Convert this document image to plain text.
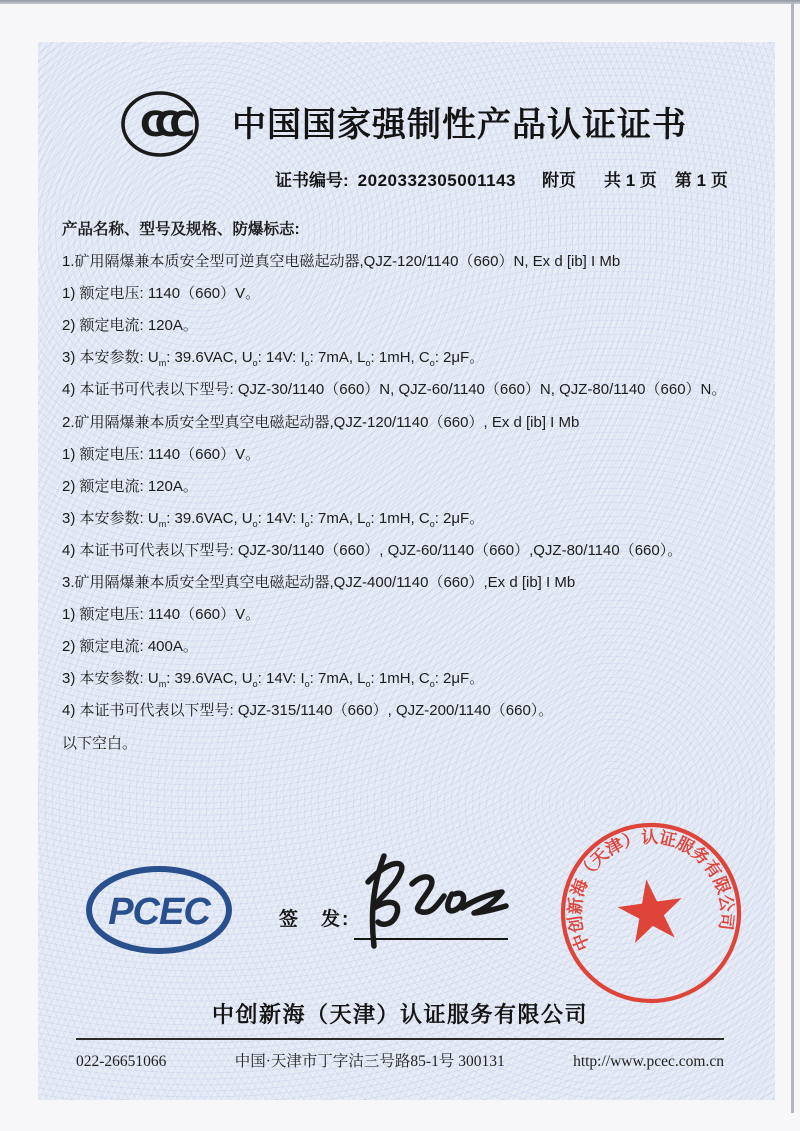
CCC 中国国家强制性产品认证证书
证书编号: 2020332305001143 附页 共 1 页 第 1 页
产品名称、型号及规格、防爆标志:
1.矿用隔爆兼本质安全型可逆真空电磁起动器,QJZ-120/1140（660）N, Ex d [ib] I Mb
1) 额定电压: 1140（660）V。
2) 额定电流: 120A。
3) 本安参数: $U_m$: 39.6VAC, $U_o$: 14V: $I_o$: 7mA, $L_o$: 1mH, $C_o$: 2μF。
4) 本证书可代表以下型号: QJZ-30/1140（660）N, QJZ-60/1140（660）N, QJZ-80/1140（660）N。
2.矿用隔爆兼本质安全型真空电磁起动器,QJZ-120/1140（660）, Ex d [ib] I Mb
1) 额定电压: 1140（660）V。
2) 额定电流: 120A。
3) 本安参数: $U_m$: 39.6VAC, $U_o$: 14V: $I_o$: 7mA, $L_o$: 1mH, $C_o$: 2μF。
4) 本证书可代表以下型号: QJZ-30/1140（660）, QJZ-60/1140（660）,QJZ-80/1140（660）。
3.矿用隔爆兼本质安全型真空电磁起动器,QJZ-400/1140（660）,Ex d [ib] I Mb
1) 额定电压: 1140（660）V。
2) 额定电流: 400A。
3) 本安参数: $U_m$: 39.6VAC, $U_o$: 14V: $I_o$: 7mA, $L_o$: 1mH, $C_o$: 2μF。
4) 本证书可代表以下型号: QJZ-315/1140（660）, QJZ-200/1140（660）。
以下空白。
PCEC	签　发:
中创新海（天津）认证服务有限公司
中创新海（天津）认证服务有限公司
022-26651066	中国·天津市丁字沽三号路85-1号 300131	http://www.pcec.com.cn
